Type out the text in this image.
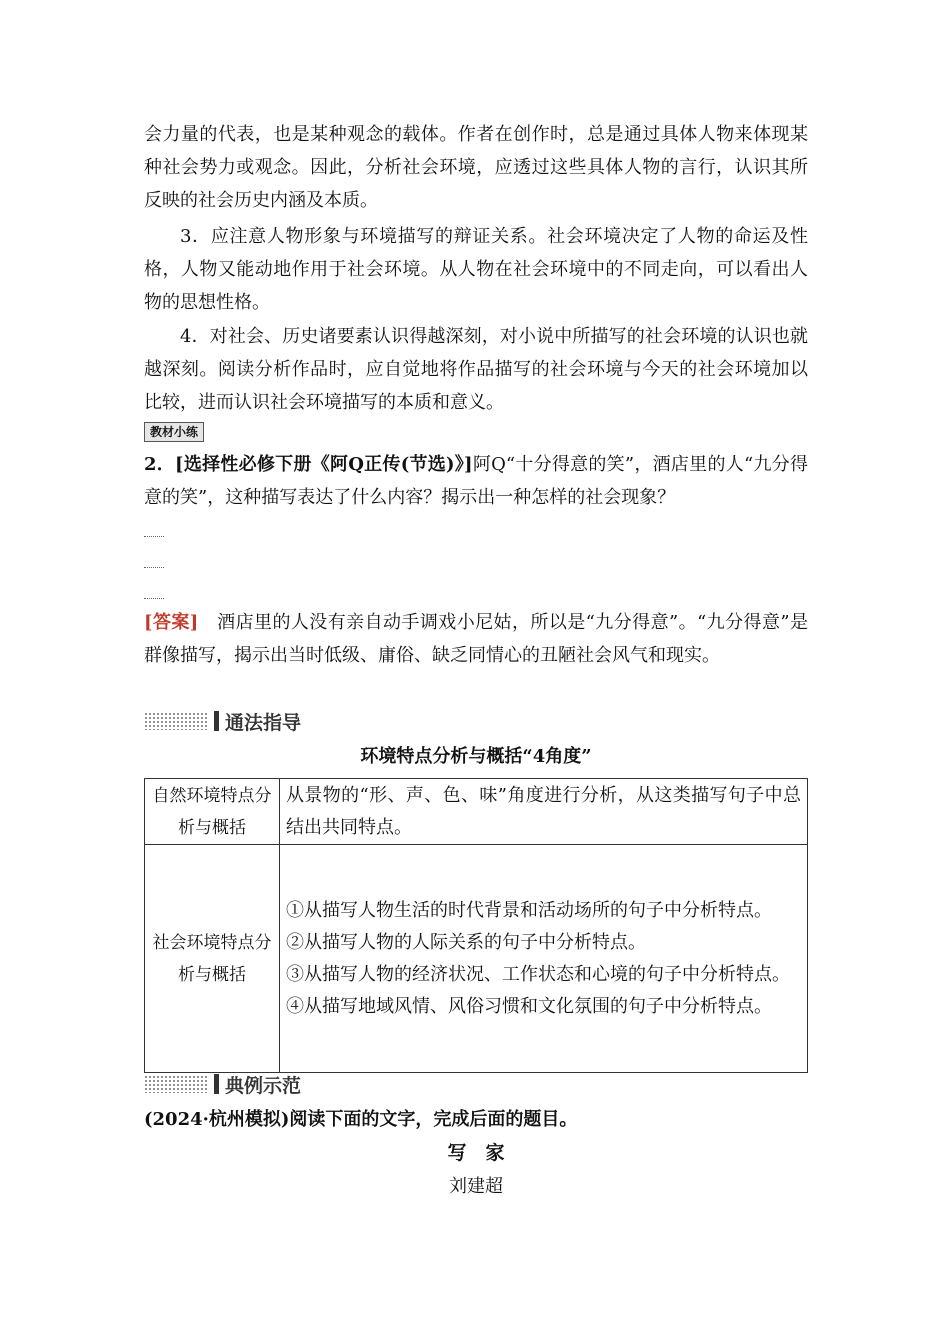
会力量的代表，也是某种观念的载体。作者在创作时，总是通过具体人物来体现某种社会势力或观念。因此，分析社会环境，应透过这些具体人物的言行，认识其所反映的社会历史内涵及本质。

3．应注意人物形象与环境描写的辩证关系。社会环境决定了人物的命运及性格，人物又能动地作用于社会环境。从人物在社会环境中的不同走向，可以看出人物的思想性格。

4．对社会、历史诸要素认识得越深刻，对小说中所描写的社会环境的认识也就越深刻。阅读分析作品时，应自觉地将作品描写的社会环境与今天的社会环境加以比较，进而认识社会环境描写的本质和意义。

教材小练

2．[选择性必修下册《阿Q正传(节选)》]阿Q“十分得意的笑”，酒店里的人“九分得意的笑”，这种描写表达了什么内容？揭示出一种怎样的社会现象？

[答案]　 酒店里的人没有亲自动手调戏小尼姑，所以是“九分得意”。“九分得意”是群像描写，揭示出当时低级、庸俗、缺乏同情心的丑陋社会风气和现实。

通法指导
环境特点分析与概括“4角度”
自然环境特点分析与概括	从景物的“形、声、色、味”角度进行分析，从这类描写句子中总结出共同特点。

社会环境特点分析与概括	①从描写人物生活的时代背景和活动场所的句子中分析特点。
②从描写人物的人际关系的句子中分析特点。
③从描写人物的经济状况、工作状态和心境的句子中分析特点。
④从描写地域风情、风俗习惯和文化氛围的句子中分析特点。
典例示范

(2024·杭州模拟)阅读下面的文字，完成后面的题目。

写　家
刘建超
